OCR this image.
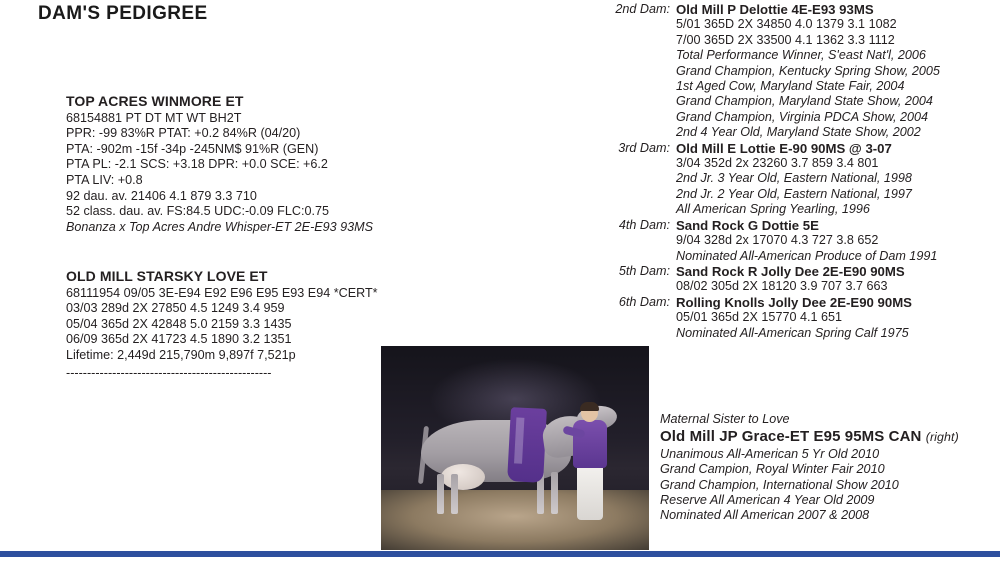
DAM'S PEDIGREE
TOP ACRES WINMORE ET
68154881 PT DT MT WT BH2T
PPR: -99 83%R PTAT: +0.2 84%R (04/20)
PTA: -902m -15f -34p -245NM$ 91%R (GEN)
PTA PL: -2.1 SCS: +3.18 DPR: +0.0 SCE: +6.2
PTA LIV: +0.8
92 dau. av. 21406 4.1 879 3.3 710
52 class. dau. av. FS:84.5 UDC:-0.09 FLC:0.75
Bonanza x Top Acres Andre Whisper-ET 2E-E93 93MS
OLD MILL STARSKY LOVE ET
68111954 09/05 3E-E94 E92 E96 E95 E93 E94 *CERT*
03/03 289d 2X 27850 4.5 1249 3.4 959
05/04 365d 2X 42848 5.0 2159 3.3 1435
06/09 365d 2X 41723 4.5 1890 3.2 1351
Lifetime: 2,449d 215,790m 9,897f 7,521p
-------------------------------------------------
2nd Dam: Old Mill P Delottie 4E-E93 93MS
5/01 365D 2X 34850 4.0 1379 3.1 1082
7/00 365D 2X 33500 4.1 1362 3.3 1112
Total Performance Winner, S'east Nat'l, 2006
Grand Champion, Kentucky Spring Show, 2005
1st Aged Cow, Maryland State Fair, 2004
Grand Champion, Maryland State Show, 2004
Grand Champion, Virginia PDCA Show, 2004
2nd 4 Year Old, Maryland State Show, 2002
3rd Dam: Old Mill E Lottie E-90 90MS @ 3-07
3/04 352d 2x 23260 3.7 859 3.4 801
2nd Jr. 3 Year Old, Eastern National, 1998
2nd Jr. 2 Year Old, Eastern National, 1997
All American Spring Yearling, 1996
4th Dam: Sand Rock G Dottie 5E
9/04 328d 2x 17070 4.3 727 3.8 652
Nominated All-American Produce of Dam 1991
5th Dam: Sand Rock R Jolly Dee 2E-E90 90MS
08/02 305d 2X 18120 3.9 707 3.7 663
6th Dam: Rolling Knolls Jolly Dee 2E-E90 90MS
05/01 365d 2X 15770 4.1 651
Nominated All-American Spring Calf 1975
Maternal Sister to Love
Old Mill JP Grace-ET E95 95MS CAN (right)
Unanimous All-American 5 Yr Old 2010
Grand Campion, Royal Winter Fair 2010
Grand Champion, International Show 2010
Reserve All American 4 Year Old 2009
Nominated All American 2007 & 2008
